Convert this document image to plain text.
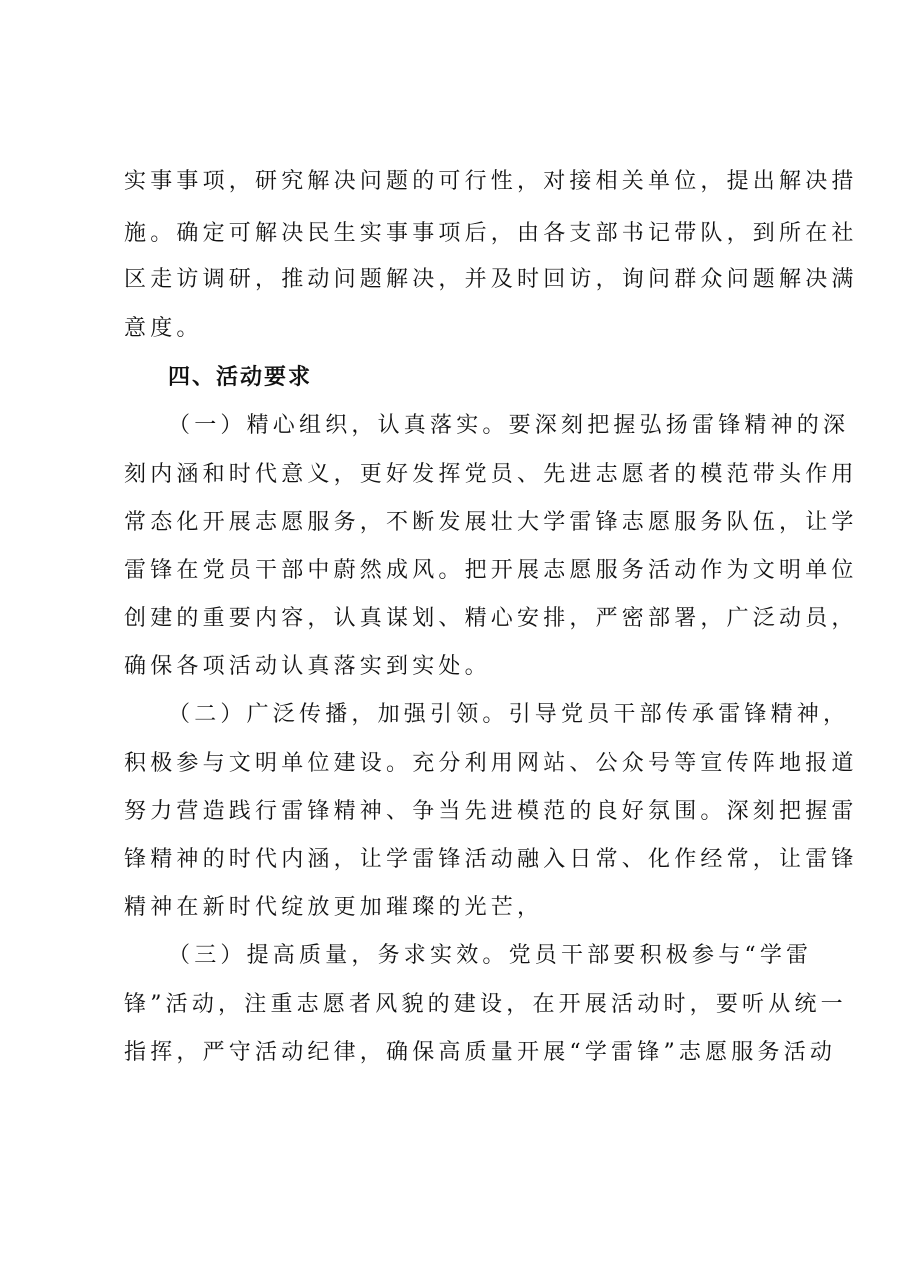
实事事项，研究解决问题的可行性，对接相关单位，提出解决措
施。确定可解决民生实事事项后，由各支部书记带队，到所在社
区走访调研，推动问题解决，并及时回访，询问群众问题解决满
意度。
四、活动要求
（一）精心组织，认真落实。要深刻把握弘扬雷锋精神的深
刻内涵和时代意义，更好发挥党员、先进志愿者的模范带头作用
常态化开展志愿服务，不断发展壮大学雷锋志愿服务队伍，让学
雷锋在党员干部中蔚然成风。把开展志愿服务活动作为文明单位
创建的重要内容，认真谋划、精心安排，严密部署，广泛动员，
确保各项活动认真落实到实处。
（二）广泛传播，加强引领。引导党员干部传承雷锋精神，
积极参与文明单位建设。充分利用网站、公众号等宣传阵地报道
努力营造践行雷锋精神、争当先进模范的良好氛围。深刻把握雷
锋精神的时代内涵，让学雷锋活动融入日常、化作经常，让雷锋
精神在新时代绽放更加璀璨的光芒，
（三）提高质量，务求实效。党员干部要积极参与“学雷
锋”活动，注重志愿者风貌的建设，在开展活动时，要听从统一
指挥，严守活动纪律，确保高质量开展“学雷锋”志愿服务活动
